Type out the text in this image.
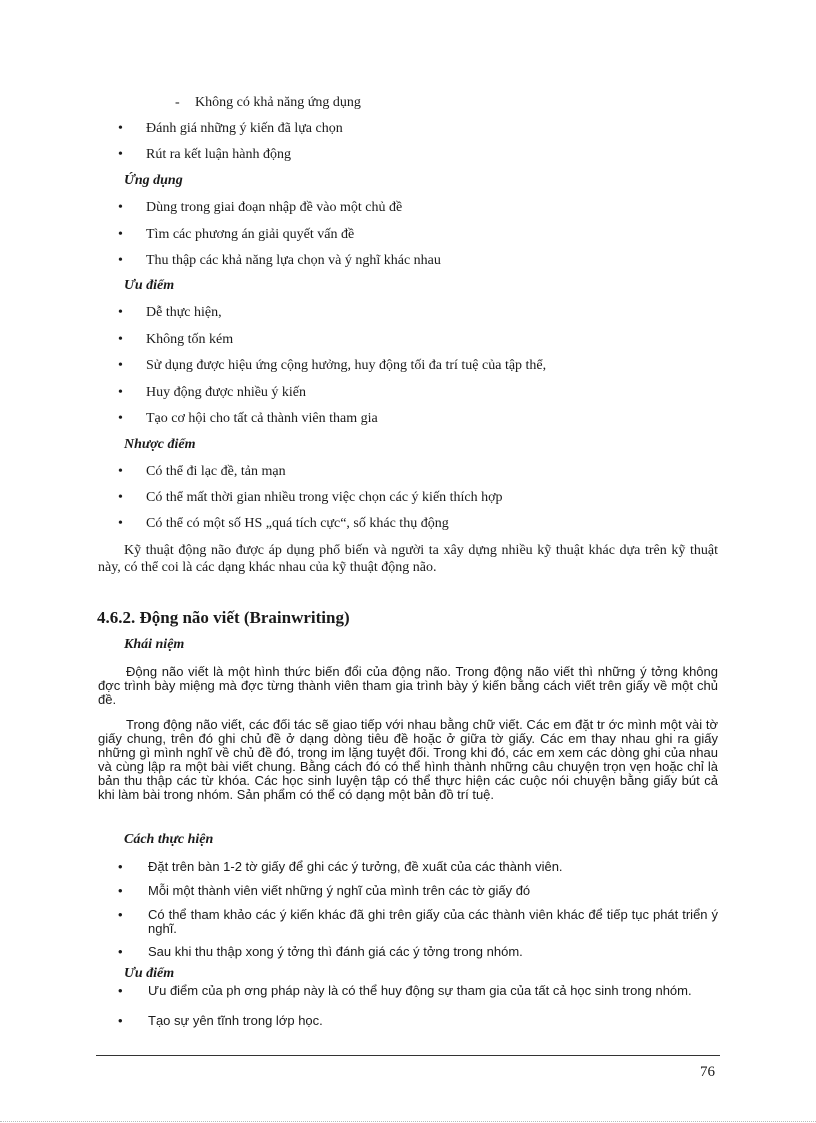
- Không có khả năng ứng dụng
•	Đánh giá những ý kiến đã lựa chọn
•	Rút ra kết luận hành động
Ứng dụng
•	Dùng trong giai đoạn nhập đề vào một chủ đề
•	Tìm các phương án giải quyết vấn đề
•	Thu thập các khả năng lựa chọn và ý nghĩ khác nhau
Ưu điểm
•	Dễ thực hiện,
•	Không tốn kém
•	Sử dụng được hiệu ứng cộng hưởng, huy động tối đa trí tuệ của tập thể,
•	Huy động được nhiều ý kiến
•	Tạo cơ hội cho tất cả thành viên tham gia
Nhược điểm
•	Có thể đi lạc đề, tản mạn
•	Có thể mất thời gian nhiều trong việc chọn các ý kiến thích hợp
•	Có thể có một số HS „quá tích cực“, số khác thụ động
Kỹ thuật động não được áp dụng phổ biến và người ta xây dựng nhiều kỹ thuật khác dựa trên kỹ thuật này, có thể coi là các dạng khác nhau của kỹ thuật động não.
4.6.2. Động não viết (Brainwriting)
Khái niệm
Động não viết là một hình thức biến đổi của động não. Trong động não viết thì những ý tởng không đợc trình bày miệng mà đợc từng thành viên tham gia trình bày ý kiến bằng cách viết trên giấy về một chủ đề.
Trong động não viết, các đối tác sẽ giao tiếp với nhau bằng chữ viết. Các em đặt tr ớc mình một vài tờ giấy chung, trên đó ghi chủ đề ở dạng dòng tiêu đề hoặc ở giữa tờ giấy. Các em thay nhau ghi ra giấy những gì mình nghĩ về chủ đề đó, trong im lặng tuyệt đối. Trong khi đó, các em xem các dòng ghi của nhau và cùng lập ra một bài viết chung. Bằng cách đó có thể hình thành những câu chuyện trọn vẹn hoặc chỉ là bản thu thập các từ khóa. Các học sinh luyện tập có thể thực hiện các cuộc nói chuyện bằng giấy bút cả khi làm bài trong nhóm. Sản phẩm có thể có dạng một bản đồ trí tuệ.
Cách thực hiện
• Đặt trên bàn 1-2 tờ giấy để ghi các ý tưởng, đề xuất của các thành viên.
• Mỗi một thành viên viết những ý nghĩ của mình trên các tờ giấy đó
• Có thể tham khảo các ý kiến khác đã ghi trên giấy của các thành viên khác để tiếp tục phát triển ý nghĩ.
• Sau khi thu thập xong ý tởng thì đánh giá các ý tởng trong nhóm.
Ưu điểm
• Ưu điểm của ph ơng pháp này là có thể huy động sự tham gia của tất cả học sinh trong nhóm.
• Tạo sự yên tĩnh trong lớp học.
76
